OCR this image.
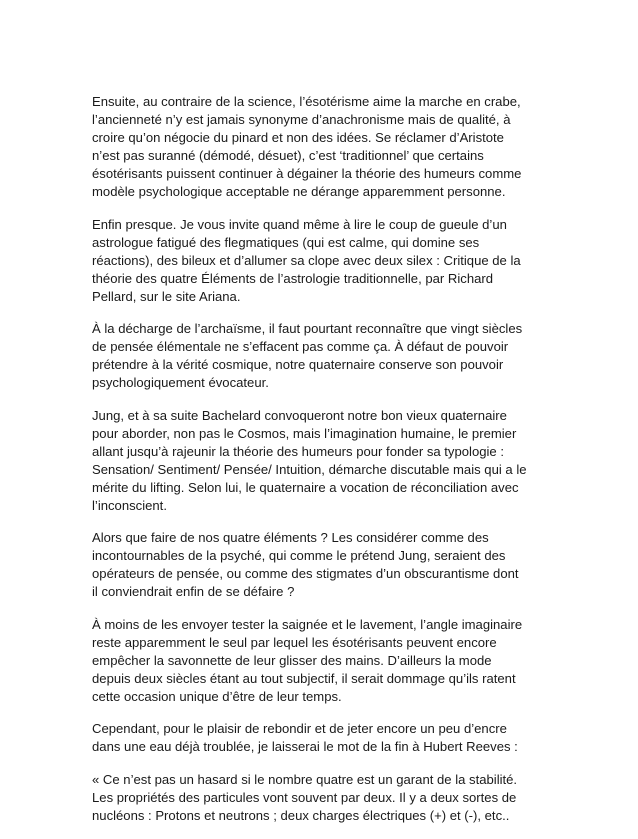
Ensuite, au contraire de la science, l’ésotérisme aime la marche en crabe,
l’ancienneté n’y est jamais synonyme d’anachronisme mais de qualité, à
croire qu’on négocie du pinard et non des idées. Se réclamer d’Aristote
n’est pas suranné (démodé, désuet), c’est ‘traditionnel’ que certains
ésotérisants puissent continuer à dégainer la théorie des humeurs comme
modèle psychologique acceptable ne dérange apparemment personne.

Enfin presque. Je vous invite quand même à lire le coup de gueule d’un
astrologue fatigué des flegmatiques (qui est calme, qui domine ses
réactions), des bileux et d’allumer sa clope avec deux silex : Critique de la
théorie des quatre Éléments de l’astrologie traditionnelle, par Richard
Pellard, sur le site Ariana.

À la décharge de l’archaïsme, il faut pourtant reconnaître que vingt siècles
de pensée élémentale ne s’effacent pas comme ça. À défaut de pouvoir
prétendre à la vérité cosmique, notre quaternaire conserve son pouvoir
psychologiquement évocateur.

Jung, et à sa suite Bachelard convoqueront notre bon vieux quaternaire
pour aborder, non pas le Cosmos, mais l’imagination humaine, le premier
allant jusqu’à rajeunir la théorie des humeurs pour fonder sa typologie :
Sensation/ Sentiment/ Pensée/ Intuition, démarche discutable mais qui a le
mérite du lifting. Selon lui, le quaternaire a vocation de réconciliation avec
l’inconscient.

Alors que faire de nos quatre éléments ? Les considérer comme des
incontournables de la psyché, qui comme le prétend Jung, seraient des
opérateurs de pensée, ou comme des stigmates d’un obscurantisme dont
il conviendrait enfin de se défaire ?

À moins de les envoyer tester la saignée et le lavement, l’angle imaginaire
reste apparemment le seul par lequel les ésotérisants peuvent encore
empêcher la savonnette de leur glisser des mains. D’ailleurs la mode
depuis deux siècles étant au tout subjectif, il serait dommage qu’ils ratent
cette occasion unique d’être de leur temps.

Cependant, pour le plaisir de rebondir et de jeter encore un peu d’encre
dans une eau déjà troublée, je laisserai le mot de la fin à Hubert Reeves :

« Ce n’est pas un hasard si le nombre quatre est un garant de la stabilité.
Les propriétés des particules vont souvent par deux. Il y a deux sortes de
nucléons : Protons et neutrons ; deux charges électriques (+) et (-), etc..
